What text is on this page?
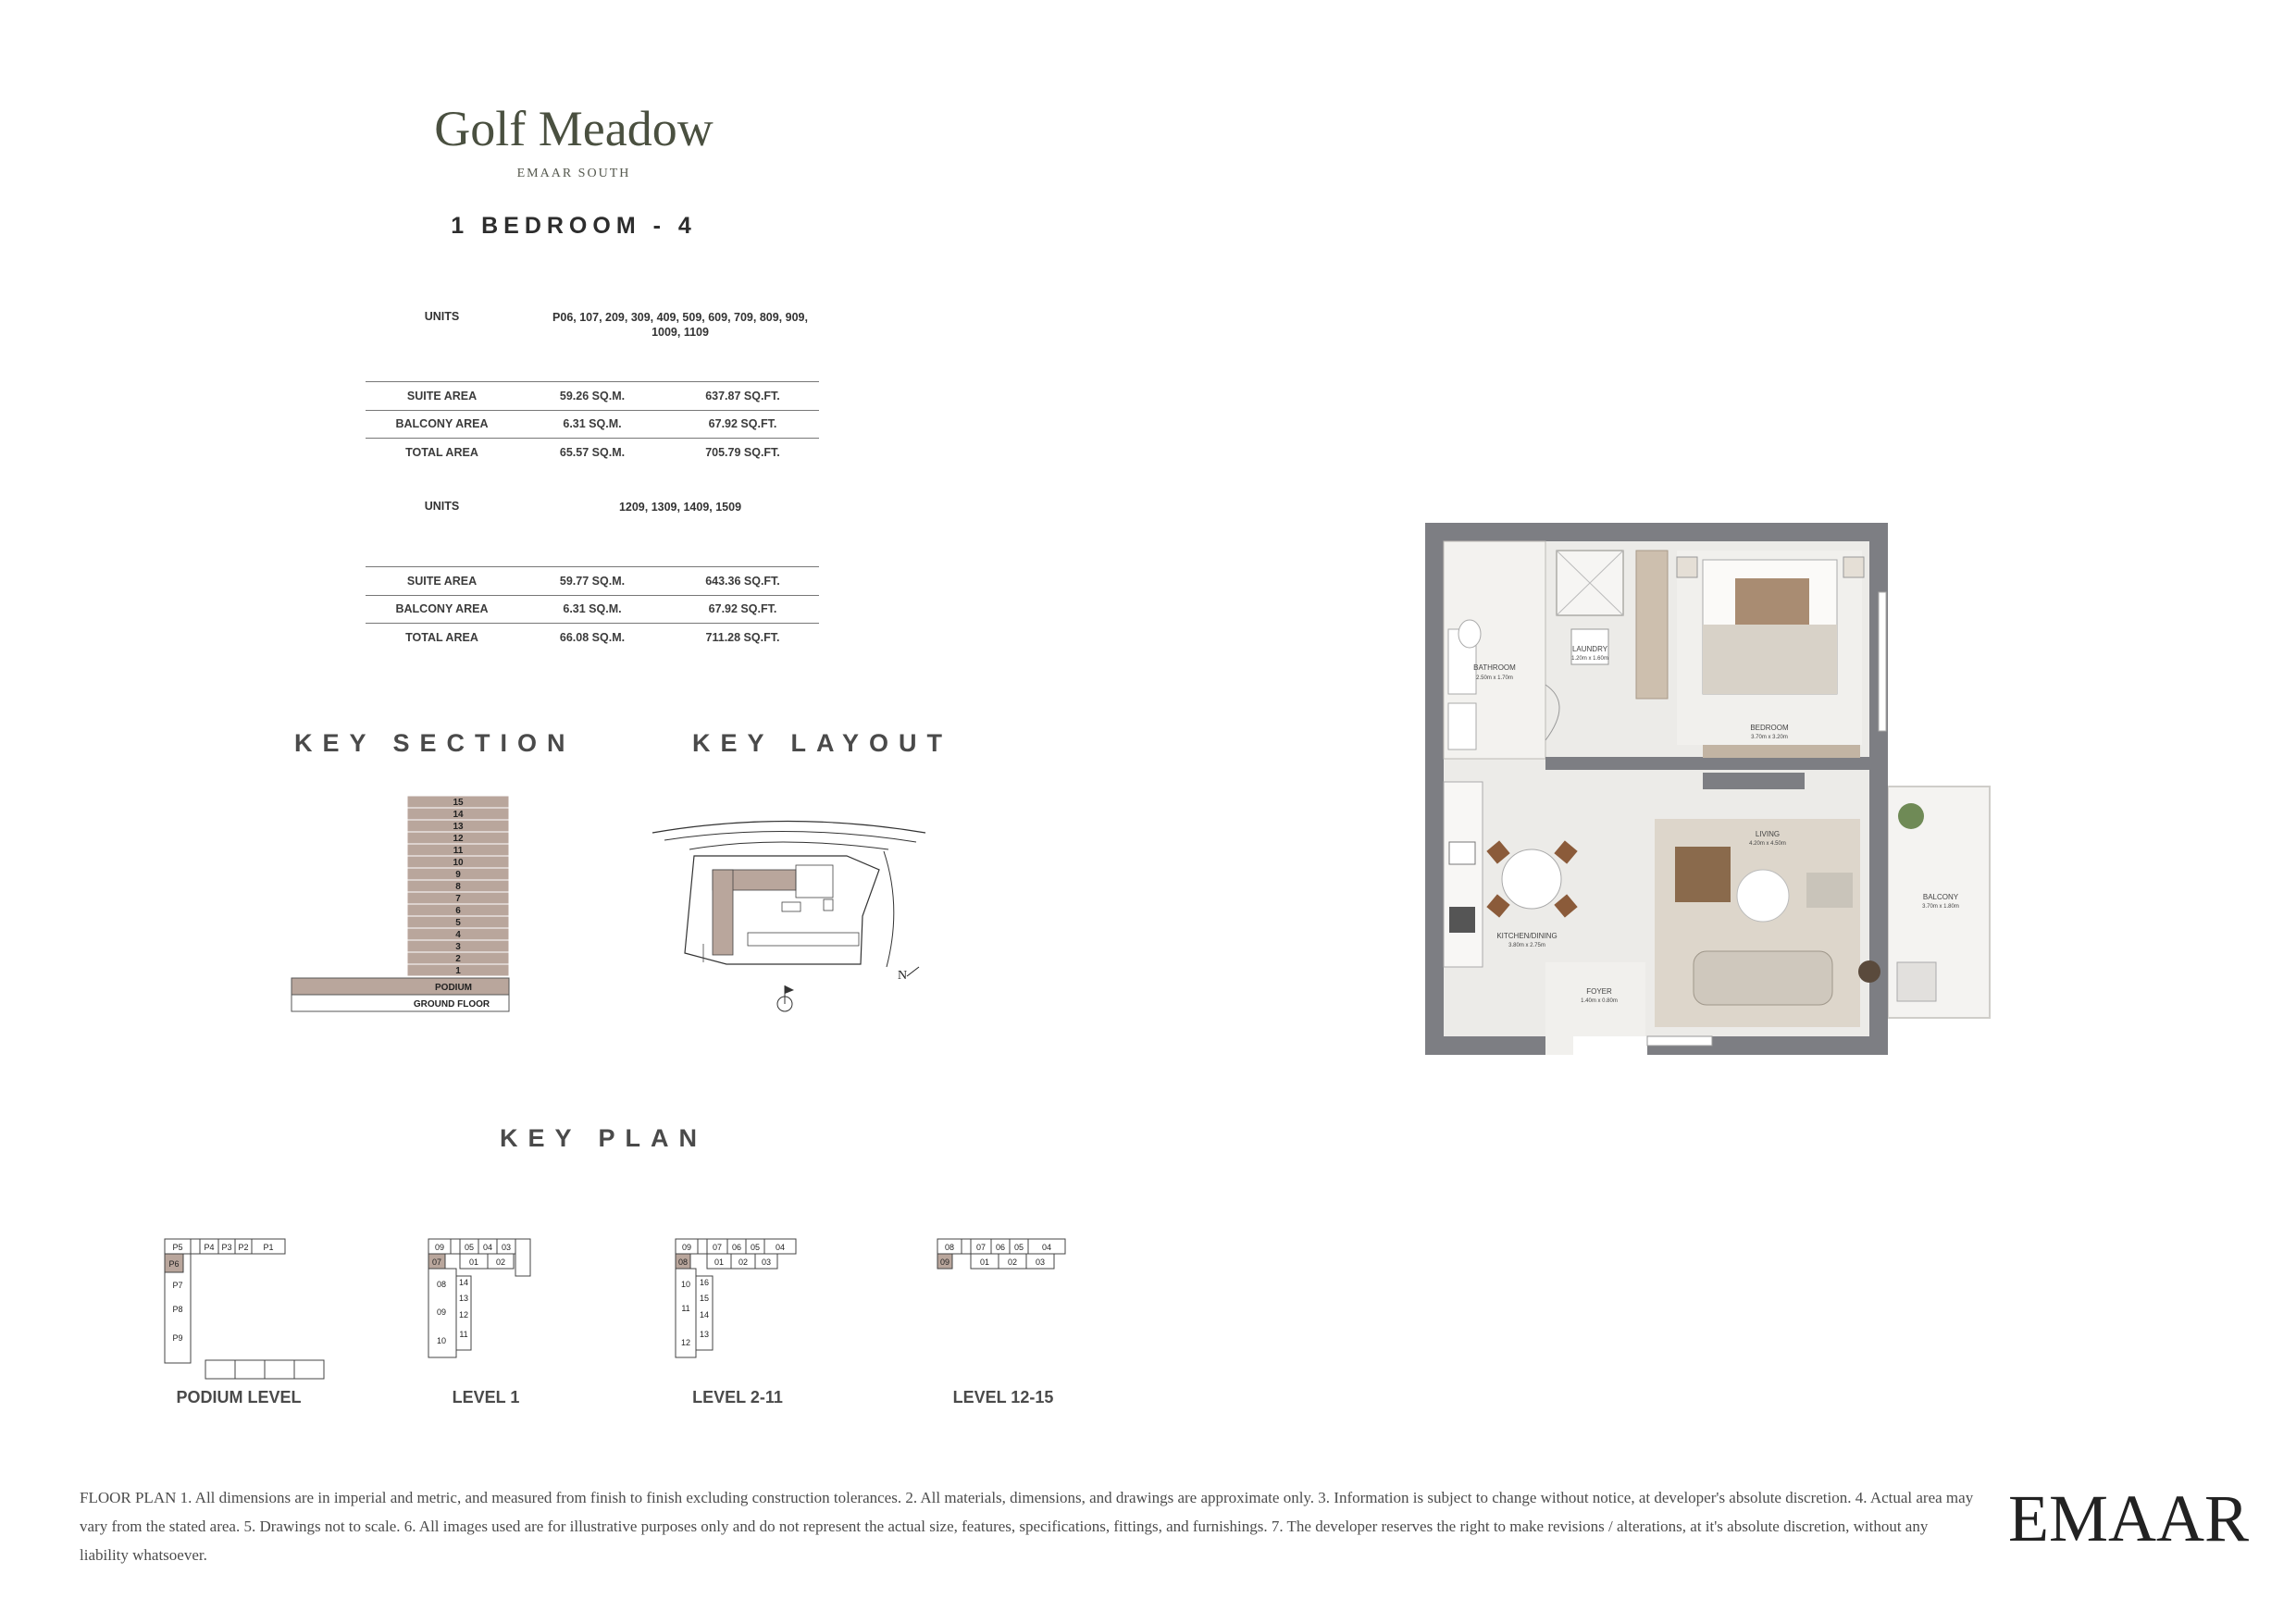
Golf Meadow
EMAAR SOUTH
1 BEDROOM - 4
UNITS	P06, 107, 209, 309, 409, 509, 609, 709, 809, 909, 1009, 1109
SUITE AREA	59.26 SQ.M.	637.87 SQ.FT.
BALCONY AREA	6.31 SQ.M.	67.92 SQ.FT.
TOTAL AREA	65.57 SQ.M.	705.79 SQ.FT.
UNITS	1209, 1309, 1409, 1509
SUITE AREA	59.77 SQ.M.	643.36 SQ.FT.
BALCONY AREA	6.31 SQ.M.	67.92 SQ.FT.
TOTAL AREA	66.08 SQ.M.	711.28 SQ.FT.
KEY SECTION
15
14
13
12
11
10
9
8
7
6
5
4
3
2
1
PODIUM
GROUND FLOOR
KEY LAYOUT
N
KEY PLAN
P5	P4 P3 P2 P1
P6
P7
P8
P9
09 05 04 03
07	01 02
08
09
10
14
13
12
11
09	07 06 05 04
08	01 02 03
10
11
12
16
15
14
13
08	07 06 05 04
09	01 02 03
PODIUM LEVEL	LEVEL 1	LEVEL 2-11	LEVEL 12-15
BATHROOM
2.50m x 1.70m
LAUNDRY
1.20m x 1.60m
BEDROOM
3.70m x 3.20m
LIVING
4.20m x 4.50m
KITCHEN/DINING
3.80m x 2.75m
FOYER
1.40m x 0.80m
BALCONY
3.70m x 1.80m
FLOOR PLAN 1. All dimensions are in imperial and metric, and measured from finish to finish excluding construction tolerances. 2. All materials, dimensions, and drawings are approximate only. 3. Information is subject to change without notice, at developer's absolute discretion. 4. Actual area may vary from the stated area. 5. Drawings not to scale. 6. All images used are for illustrative purposes only and do not represent the actual size, features, specifications, fittings, and furnishings. 7. The developer reserves the right to make revisions / alterations, at it's absolute discretion, without any liability whatsoever.	EMAAR
